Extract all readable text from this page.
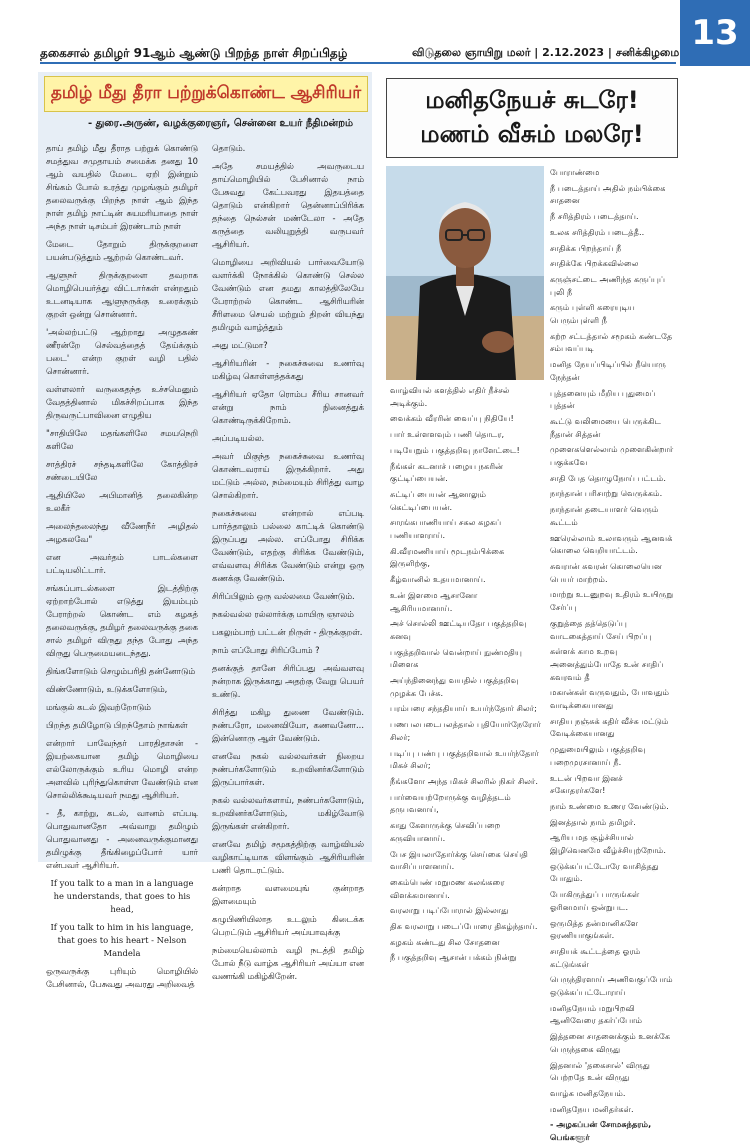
தகைசால் தமிழர் 91ஆம் ஆண்டு பிறந்த நாள் சிறப்பிதழ்	விடுதலை ஞாயிறு மலர் | 2.12.2023 | சனிக்கிழமை 13
தமிழ் மீது தீரா பற்றுக்கொண்ட ஆசிரியர்
- துரை.அருண், வழக்குரைஞர், சென்னை உயர் நீதிமன்றம்

தாய் தமிழ் மீது தீராத பற்றுக் கொண்டு சமத்துவ சமுதாயம் சமைக்க தனது 10 ஆம் வயதில் மேடை ஏறி இன்றும் சிங்கம் போல் உரத்து முழங்கும் தமிழர் தலைவருக்கு பிறந்த நாள் ஆம் இந்த நாள் தமிழ் நாட்டின் சுயமரியாதை நாள் அந்த நாள் டிசம்பர் இரண்டாம் நாள்

மேடை தோறும் திருக்குறளை பயன்படுத்தும் ஆற்றல் கொண்டவர்.

ஆளுநர் திருக்குறளை தவறாக மொழிபெயர்த்து விட்டார்கள் என்றதும் உடனடியாக ஆளுநருக்கு உரைக்கும் குறள் ஒன்று சொன்னார்.

'அல்லற்பட்டு ஆற்றாது அழுதகண் ணீரன்றே செல்வத்தைத் தேய்க்கும் படை' என்ற குறள் வழி பதில் சொன்னார்.

வள்ளலார் வருகைதந்த உச்சமெனும் வேதத்தினால் மிகச்சிறப்பாக இந்த திருவருட்பாவினை எழுதிய

"சாதியிலே மதங்களிலே சமயநெறி களிலே

சாத்திரச் சந்தடிகளிலே கோத்திரச் சண்டையிலே

ஆதியிலே அபிமானித் தலைகின்ற உலகீர்

அலைந்தலைந்து வீணேநீர் அழிதல் அழகலவே"

என அவர்தம் பாடல்களை பட்டியலிட்டார்.

சங்கப்பாடல்களை இடத்திற்கு ஏற்றாற்போல் எடுத்து இயம்பும் பேராற்றல் கொண்ட எம் கழகத் தலைவருக்கு, தமிழர் தலைவருக்கு தகை சால் தமிழர் விருது தந்த போது அந்த விருது பெருமையடைந்தது.

திங்களோடும் செழும்பரிதி தன்னோடும்

விண்ணோடும், உடுக்களோடும்,

மங்குல் கடல் இவற்றோடும்

பிறந்த தமிழோடு பிறந்தோம் நாங்கள்

என்றார் பாவேந்தர் பாரதிதாசன் - இயற்கையான தமிழ் மொழியை எல்லோருக்கும் உரிய மொழி என்ற அளவில் புரிந்துகொள்ள வேண்டும் என சொல்லிக்கூடியவர் நமது ஆசிரியர்.

- தீ, காற்று, கடல், வானம் எப்படி பொதுவானதோ அவ்வாறு தமிழும் பொதுவானது - அனைவருக்குமானது தமிழுக்கு தீங்கிழைப்போர் யார் என்பவர் ஆசிரியர்.

If you talk to a man in a language he understands, that goes to his head,

If you talk to him in his language, that goes to his heart - Nelson Mandela

ஒருவருக்கு புரியும் மொழியில் பேசினால், பேசுவது அவரது அறிவைத்

தொடும்.

அதே சமயத்தில் அவருடைய தாய்மொழியில் பேசினால் நாம் பேசுவது கேட்பவரது இதயத்தை தொடும் என்கிறார் தென்னாப்பிரிக்க தந்தை நெல்சன் மண்டேலா - அதே கருத்தை வலியுறுத்தி வருபவர் ஆசிரியர்.

மொழியை அறிவியல் பார்வையோடு வளர்க்கி நோக்கில் கொண்டு செல்ல வேண்டும் என தமது காலத்திலேயே பேராற்றல் கொண்ட ஆசிரியரின் சீரிளமை செயல் மற்றும் திறன் வியந்து தமிழும் வாழ்த்தும்

அது மட்டுமா?

ஆசிரியரின் - நகைச்சுவை உணர்வு மகிழ்வு கொள்ளத்தக்கது

ஆசிரியர் ஏதோ ரொம்ப சீரிய சானவர் என்று நாம் நினைத்துக் கொண்டிருக்கிறோம்.

அப்படியல்ல.

அவர் மிகுந்த நகைச்சுவை உணர்வு கொண்டவராய் இருக்கிறார். அது மட்டும் அல்ல, நம்மையும் சிரித்து வாழ சொல்கிறார்.

நகைச்சுவை என்றால் எப்படி பார்த்தாலும் பல்லை காட்டிக் கொண்டு இருப்பது அல்ல. எப்போது சிரிக்க வேண்டும், எதற்கு சிரிக்க வேண்டும், எவ்வளவு சிரிக்க வேண்டும் என்று ஒரு கணக்கு வேண்டும்.

சிரிப்பிலும் ஒரு வல்லமை வேண்டும்.

நகல்வல்ல ரல்லார்க்கு மாயிரு ஞாலம்

பகலும்பாற் பட்டன் றிருள் - திருக்குறள்.

நாம் எப்போது சிரிப்போம் ?

தனக்குத் தானே சிரிப்பது அவ்வளவு நன்றாக இருக்காது அதற்கு வேறு பெயர் உண்டு.

சிரித்து மகிழ துணை வேண்டும். நண்பரோ, மனைவியோ, கணவனோ... இன்னொரு ஆள் வேண்டும்.

எனவே நகல் வல்லவர்கள் நிறைய நண்பர்களோடும் உறவினர்களோடும் இருப்பார்கள்.

நகல் வல்லவர்களாய், நண்பர்களோடும், உறவினர்களோடும், மகிழ்வோடு இருங்கள் என்கிறார்.

எனவே தமிழ் சமூகத்திற்கு வாழ்வியல் வழிகாட்டியாக விளங்கும் ஆசிரியரின் பணி தொடரட்டும்.

கன்றாத வளமையுங் குன்றாத இளமையும்

கழுபிணியிலாத உடலும் கிடைக்க பெறட்டும் ஆசிரியர் அய்யாவுக்கு

நம்மையெல்லாம் வழி நடத்தி தமிழ் போல் நீடு வாழ்க ஆசிரியர் அய்யா என வணங்கி மகிழ்கிறேன்.

மனிதநேயச் சுடரே!
மணம் வீசும் மலரே!

வாழ்வியல் களத்தில் எதிர் நீச்சல் அடிக்கும்.

வைக்கம் வீரரின் வைப்பு நிதியே!

பார் உள்ளளவும் பணி தொடர,

படியேறும் பகுத்தறிவு நாளேட்டை!

நீங்கள் கடனாச் பழைய நகரின் குட்டிப்பையன்.

சுட்டிப் பையன் ஆனாலும் கெட்டிப்பையன்.

சாரங்கபாணியாய் சகல கழகப் பணியாளராய்.

கி.வீரமணியாய் மூடநம்பிக்கை இருளிற்கு,

கீழ்வானில் உதயமானாய்.

உன் இளமை ஆசானோ ஆசிரியமானாய்.

அச் சொல்லி ஊட்டியதோ பகுத்தறிவு கனவு

பகுத்தறிவால் வென்றாய் நுண்மதியு மிளைக

அய்ந்தினைந்து வயதில் பகுத்தறிவு முழக்க பேச்சு.

பரம்பரை சந்ததியாய் உயர்ந்தோர் சிலர்;

பணபலபடைபலத்தால் புதியோர்நேரோர் சிலர்;

படிப்பு பண்பு பகுத்தறிவால் உயர்ந்தோர் மிகச் சிலர்;

நீங்களோ அந்த மிகச் சிலரில் நிகர் சிலர்.

பார்வையற்றோருக்கு வழித்தடம் தருபவனாய்,

காது கேளாருக்கு செவிப்பறை கருவியானாய்.

பேச இயலாதோர்க்கு செய்கை செய்தி வாசிப்பாளனாய்.

கைம்பெண் மறுமண கலங்கரை விளக்கமானாய்.

வரலாறு படிப்போரால் இல்லாது

திசு வரலாறு படைப்போரை திகழ்ந்தாய்.

கழகம் கண்டது சில சோதனை

நீ பகுத்தறிவு ஆசான் பக்கம் நின்று

போராண்மை

நீ படைத்தாய் அதில் நம்பிக்கை சாதனை

நீ சரித்திரம் படைத்தாய்.

உலக சரித்திரம் படைத்தீ..

சாதிக்க பிறந்தாய் நீ

சாதிக்கே பிறக்கவில்லை

கருஞ்சட்டை அணிந்த கருப்புப் புலி நீ

கரும் புள்ளி கரையுடிய பெரும்புள்ளி நீ

கற்ற சட்டத்தால் சமூகம் கண்டதே சம்பவப்படி

மனித நேயப்பிடிப்பில் நீயொரு நேந்தன்

புத்தனையும் மீறிய புதுமைப் புத்தன்

கூட்டு வலிமையை பெருக்கிட நீதான் சித்தன்

முளைகளெல்லாம் முளைகின்றார் பகுக்கவே

சாதி பேத தொழுநோய் பட்டம்.

நாந்தான் பரிசாற்று வெருக்கம்.

நாந்தான் தடையாளர் வெரும் கூட்டம்

ஊரெல்லாம் உலாவரும் ஆனவக் கொலை வெறியாட்டம்.

சுவரான் சுவரன் கொலையென பெயர் மாற்றம்.

மாற்று உடனுறவு உதிரம் உயிருறு சேர்ப்பு

குறுத்தை தத்தெடுப்பு வாடகைத்தாய் சேய் பிறப்பு

கள்ளக் காம உறவு அனைத்தும்போதே உன் சாதிப் கவரவம் தீ

மகான்கள் வருவதும், போவதும் வாடிக்கையானது

சாதிய நஞ்சுக் கதிர் வீச்சு மட்டும் வேடிக்கையானது

முதுமையிலும் பகுத்தறிவு பறைமுரசானாய் நீ.

உடன் பிறவா இனச் சகோதரர்களே!

நாம் உண்மை உணர வேண்டும்.

இனத்தால் நாம் தமிழர்.

ஆரிய மத சூழ்ச்சியால் இழிவெனமே வீழ்ச்சியுற்றோம்.

ஒடுக்கப்பட்டோரே வாசித்தது போதும்.

போகிருத்துப் பாருங்கள் ஓரினமாய் ஒன்றுபட.

ஒருமித்த தன்மானிகளே ஒரணியாகுங்கள்.

சாதியக் கூட்டத்தை ஓரம் கட்டுங்கள்

பெருந்திரளாய் அணிவகுப்போம் ஒடுக்கப்பட்டோராய்

மனிதநேயம் மறுபிறவி ஆனிவேரை தகர்ப்போம்

இத்தனை சாதனைக்கும் உனக்கே பெருந்தகை விருது

இதனால் 'தகைசால்' விருது பெற்றதே உன் விருது

வாழ்க மனிதநேயம்.

மனிதநேய மனிதர்கள்.

- அழகப்பன் சோமசுந்தரம், பெங்களூர்
